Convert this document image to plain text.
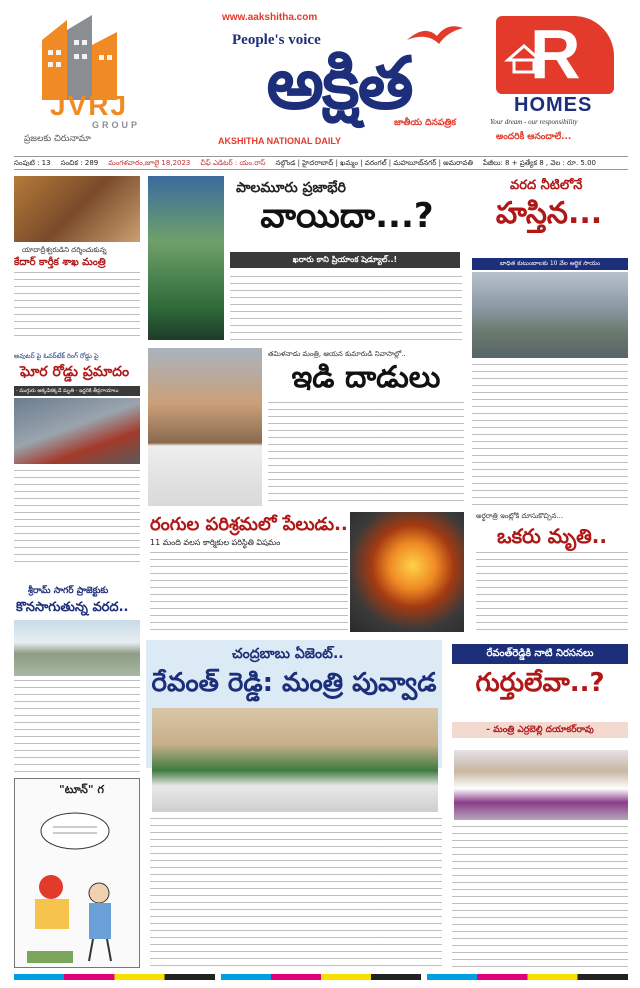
JVRJ
GROUP
ప్రజలకు చిరునామా
www.aakshitha.com
People's voice
అక్షిత
AKSHITHA NATIONAL DAILY
జాతీయ దినపత్రిక
R
HOMES
Your dream - our responsibility
అందరికీ ఆనందాలే...
సంపుటి : 13 సంచిక : 289 మంగళవారం,జూలై 18,2023 చీఫ్ ఎడిటర్ : యం.రాస్ నల్గొండ | హైదరాబాద్ | ఖమ్మం | వరంగల్ | మహబూబ్‌నగర్ | అమరావతి పేజీలు: 8 + ప్రత్యేక 8 , వెల : రూ. 5.00
యాదాద్రీశ్వరుడిని దర్శించుకున్న
కేదార్ కార్తీక శాఖ మంత్రి
అవుటర్ పై ఓవర్‌టేక్ రింగ్ రోడ్డు పై
ఘోర రోడ్డు ప్రమాదం
- ముగ్గురు అక్కడికక్కడే మృతి - ఇద్దరికి తీవ్రగాయాలు
శ్రీరామ్ సాగర్ ప్రాజెక్టుకు
కొనసాగుతున్న వరద..
"టూన్" గ
పాలమూరు ప్రజాభేరి
వాయిదా...?
ఖరారు కాని ప్రియాంక షెడ్యూల్..!
తమిళనాడు మంత్రి, ఆయన కుమారుడి నివాసాల్లో..
ఇడి దాడులు
వరద నీటిలోనే
హస్తిన...
బాధిత కుటుంబాలకు 10 వేల ఆర్థిక సాయం
రంగుల పరిశ్రమలో పేలుడు..
11 మంది వలస కార్మికుల పరిస్థితి విషమం
అర్థరాత్రి ఇంట్లోకి దూసుకొచ్చిన...
ఒకరు మృతి..
చంద్రబాబు ఏజెంట్..
రేవంత్ రెడ్డి: మంత్రి పువ్వాడ
రేవంత్‌రెడ్డికి నాటి నిరసనలు
గుర్తులేవా..?
- మంత్రి ఎర్రబెల్లి దయాకర్‌రావు
